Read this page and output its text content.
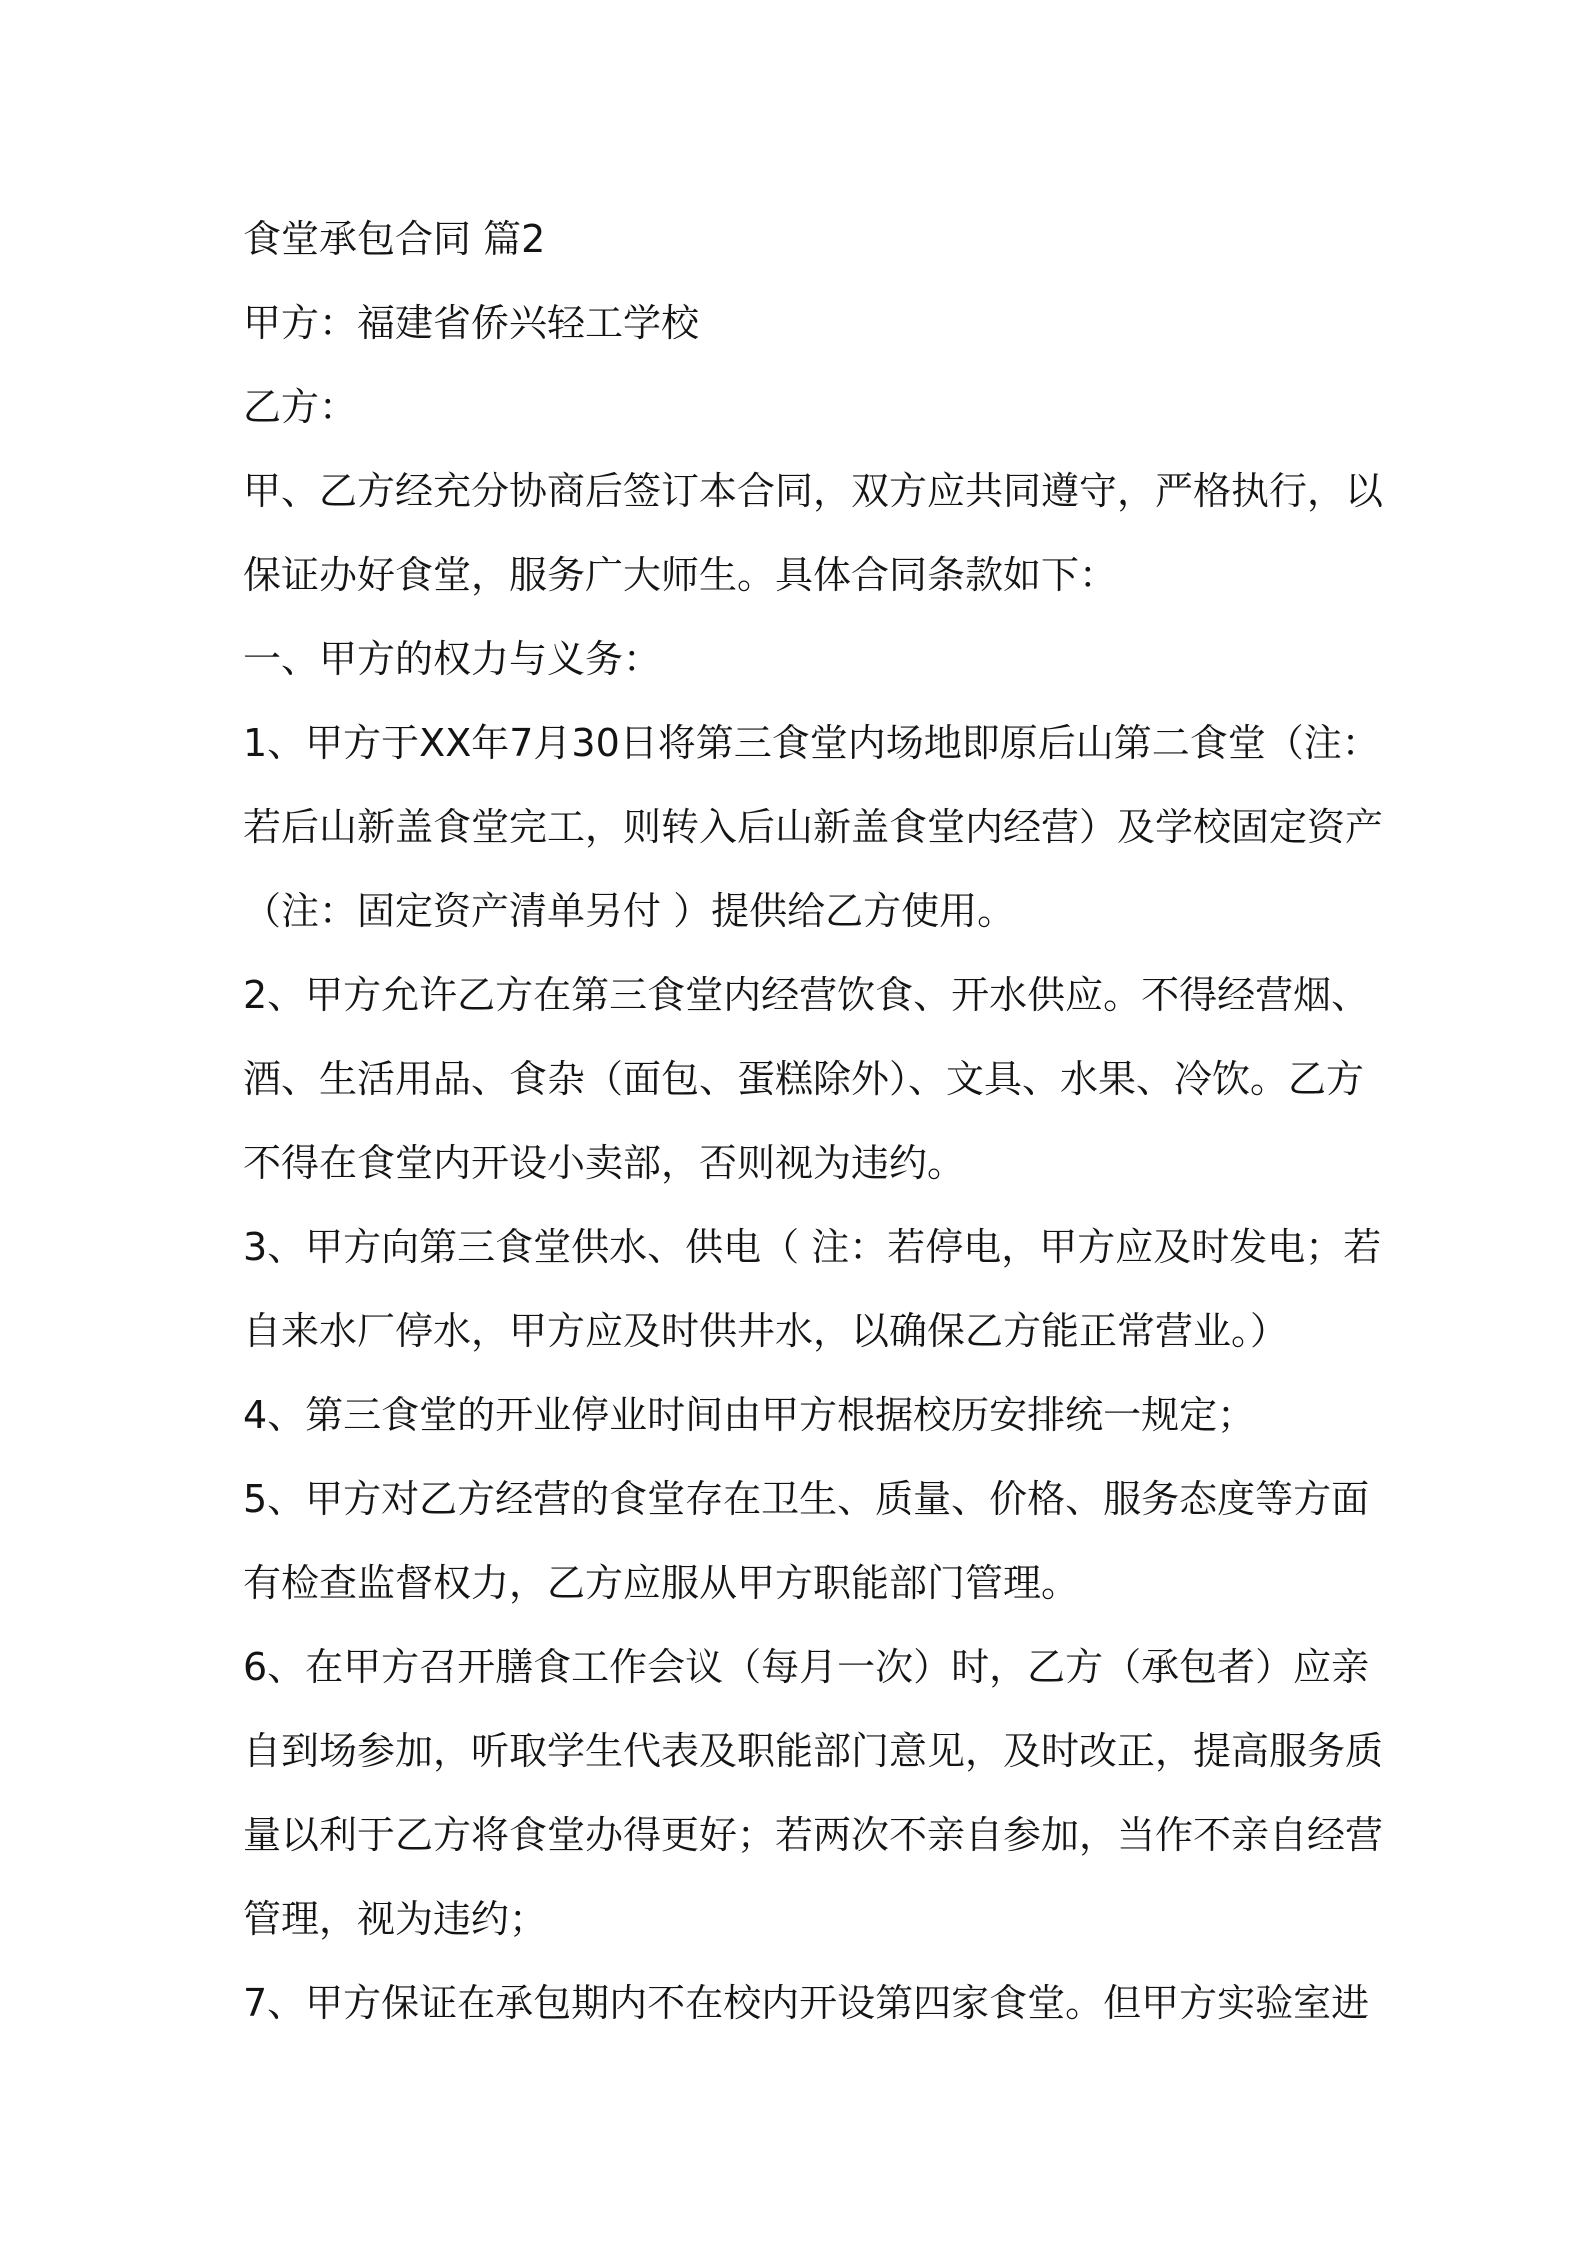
食堂承包合同 篇2
甲方：福建省侨兴轻工学校
乙方：
甲、乙方经充分协商后签订本合同，双方应共同遵守，严格执行，以
保证办好食堂，服务广大师生。具体合同条款如下：
一、甲方的权力与义务：
1、甲方于XX年7月30日将第三食堂内场地即原后山第二食堂（注：
若后山新盖食堂完工，则转入后山新盖食堂内经营）及学校固定资产
（注：固定资产清单另付 ）提供给乙方使用。
2、甲方允许乙方在第三食堂内经营饮食、开水供应。不得经营烟、
酒、生活用品、食杂（面包、蛋糕除外）、文具、水果、冷饮。乙方
不得在食堂内开设小卖部，否则视为违约。
3、甲方向第三食堂供水、供电（ 注：若停电，甲方应及时发电；若
自来水厂停水，甲方应及时供井水，以确保乙方能正常营业。）
4、第三食堂的开业停业时间由甲方根据校历安排统一规定；
5、甲方对乙方经营的食堂存在卫生、质量、价格、服务态度等方面
有检查监督权力，乙方应服从甲方职能部门管理。
6、在甲方召开膳食工作会议（每月一次）时，乙方（承包者）应亲
自到场参加，听取学生代表及职能部门意见，及时改正，提高服务质
量以利于乙方将食堂办得更好；若两次不亲自参加，当作不亲自经营
管理，视为违约；
7、甲方保证在承包期内不在校内开设第四家食堂。但甲方实验室进
